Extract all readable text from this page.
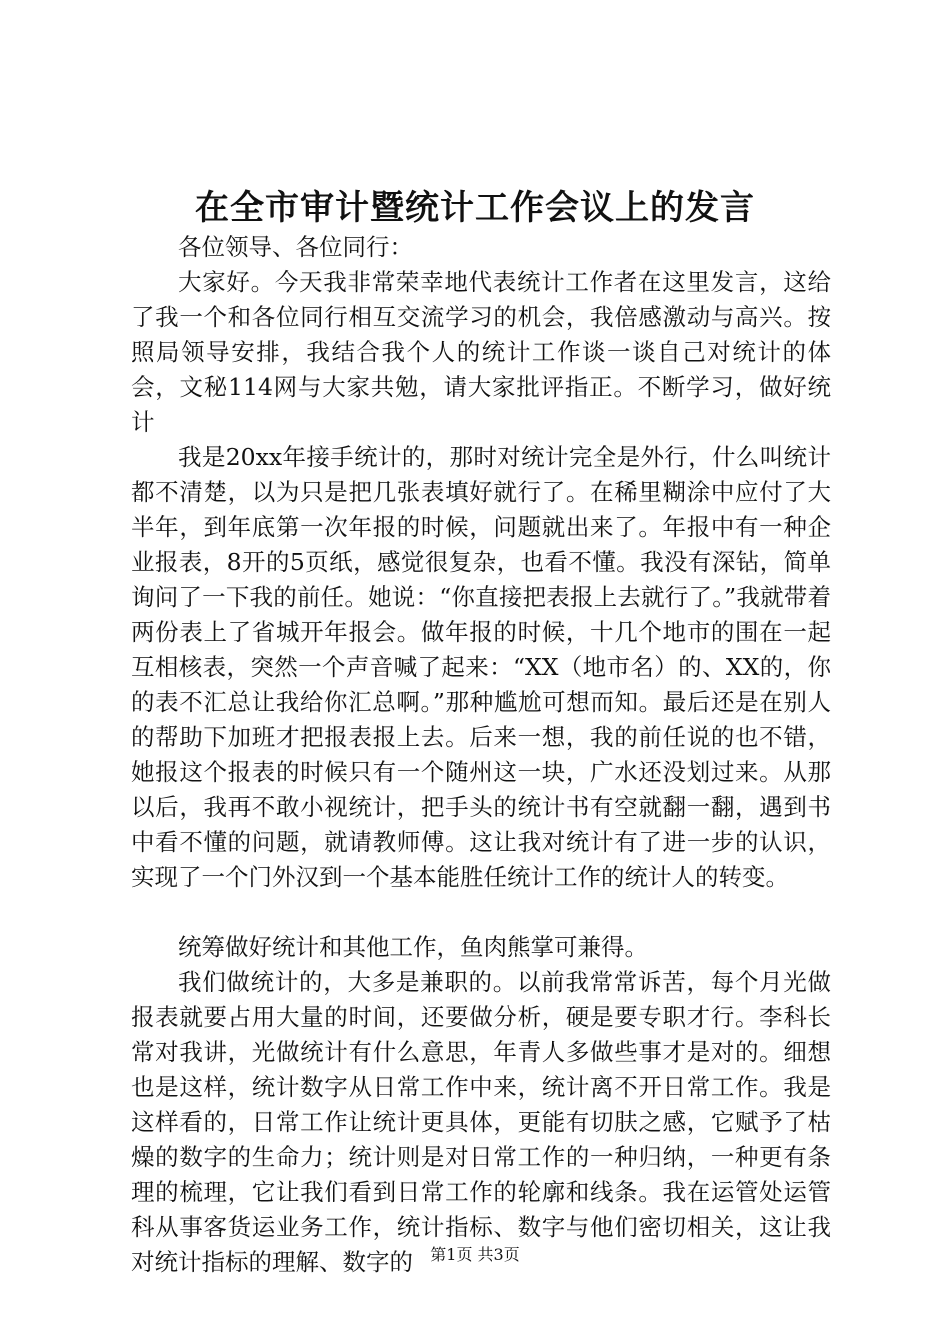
在全市审计暨统计工作会议上的发言

各位领导、各位同行：

大家好。今天我非常荣幸地代表统计工作者在这里发言，这给了我一个和各位同行相互交流学习的机会，我倍感激动与高兴。按照局领导安排，我结合我个人的统计工作谈一谈自己对统计的体会，文秘114网与大家共勉，请大家批评指正。不断学习，做好统计

我是20xx年接手统计的，那时对统计完全是外行，什么叫统计都不清楚，以为只是把几张表填好就行了。在稀里糊涂中应付了大半年，到年底第一次年报的时候，问题就出来了。年报中有一种企业报表，8开的5页纸，感觉很复杂，也看不懂。我没有深钻，简单询问了一下我的前任。她说：“你直接把表报上去就行了。”我就带着两份表上了省城开年报会。做年报的时候，十几个地市的围在一起互相核表，突然一个声音喊了起来：“XX（地市名）的、XX的，你的表不汇总让我给你汇总啊。”那种尴尬可想而知。最后还是在别人的帮助下加班才把报表报上去。后来一想，我的前任说的也不错，她报这个报表的时候只有一个随州这一块，广水还没划过来。从那以后，我再不敢小视统计，把手头的统计书有空就翻一翻，遇到书中看不懂的问题，就请教师傅。这让我对统计有了进一步的认识，实现了一个门外汉到一个基本能胜任统计工作的统计人的转变。

统筹做好统计和其他工作，鱼肉熊掌可兼得。

我们做统计的，大多是兼职的。以前我常常诉苦，每个月光做报表就要占用大量的时间，还要做分析，硬是要专职才行。李科长常对我讲，光做统计有什么意思，年青人多做些事才是对的。细想也是这样，统计数字从日常工作中来，统计离不开日常工作。我是这样看的，日常工作让统计更具体，更能有切肤之感，它赋予了枯燥的数字的生命力；统计则是对日常工作的一种归纳，一种更有条理的梳理，它让我们看到日常工作的轮廓和线条。我在运管处运管科从事客货运业务工作，统计指标、数字与他们密切相关，这让我对统计指标的理解、数字的	第1页 共3页
